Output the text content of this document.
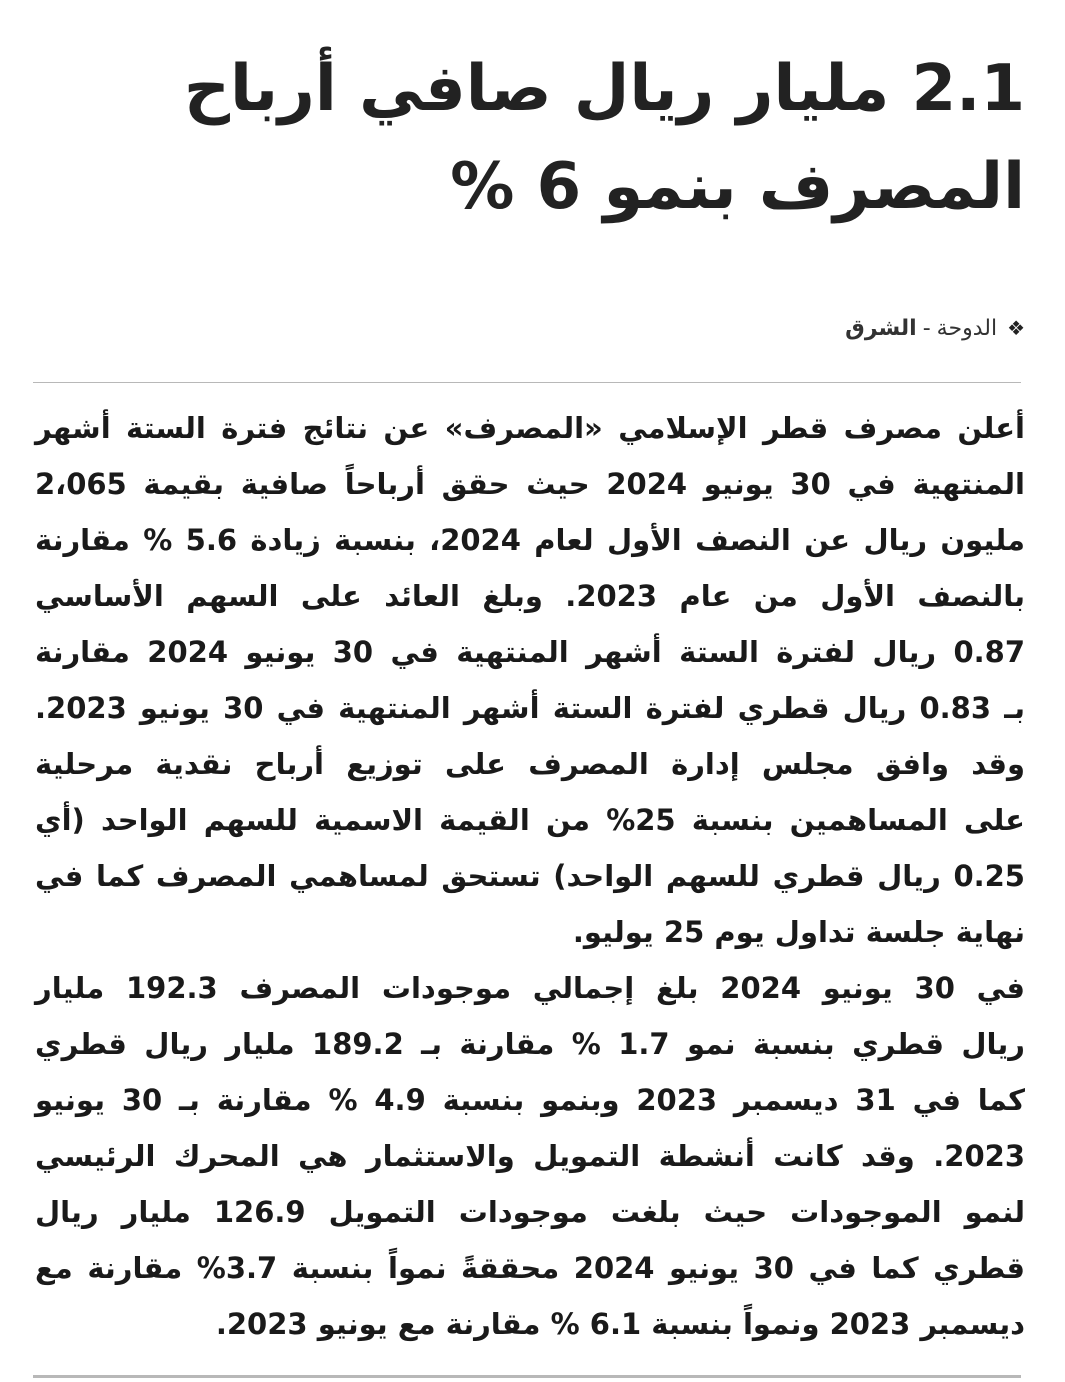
2.1 مليار ريال صافي أرباح
المصرف بنمو 6 %
❖الدوحة-الشرق
أعلن مصرف قطر الإسلامي «المصرف» عن نتائج فترة الستة أشهر
المنتهية في 30 يونيو 2024 حيث حقق أرباحاً صافية بقيمة 2،065
مليون ريال عن النصف الأول لعام 2024، بنسبة زيادة 5.6 % مقارنة
بالنصف الأول من عام 2023. وبلغ العائد على السهم الأساسي
0.87 ريال لفترة الستة أشهر المنتهية في 30 يونيو 2024 مقارنة
بـ 0.83 ريال قطري لفترة الستة أشهر المنتهية في 30 يونيو 2023.
وقد وافق مجلس إدارة المصرف على توزيع أرباح نقدية مرحلية
على المساهمين بنسبة 25% من القيمة الاسمية للسهم الواحد (أي
0.25 ريال قطري للسهم الواحد) تستحق لمساهمي المصرف كما في
نهاية جلسة تداول يوم 25 يوليو.
في 30 يونيو 2024 بلغ إجمالي موجودات المصرف 192.3 مليار
ريال قطري بنسبة نمو 1.7 % مقارنة بـ 189.2 مليار ريال قطري
كما في 31 ديسمبر 2023 وبنمو بنسبة 4.9 % مقارنة بـ 30 يونيو
2023. وقد كانت أنشطة التمويل والاستثمار هي المحرك الرئيسي
لنمو الموجودات حيث بلغت موجودات التمويل 126.9 مليار ريال
قطري كما في 30 يونيو 2024 محققةً نمواً بنسبة 3.7% مقارنة مع
ديسمبر 2023 ونمواً بنسبة 6.1 % مقارنة مع يونيو 2023.
